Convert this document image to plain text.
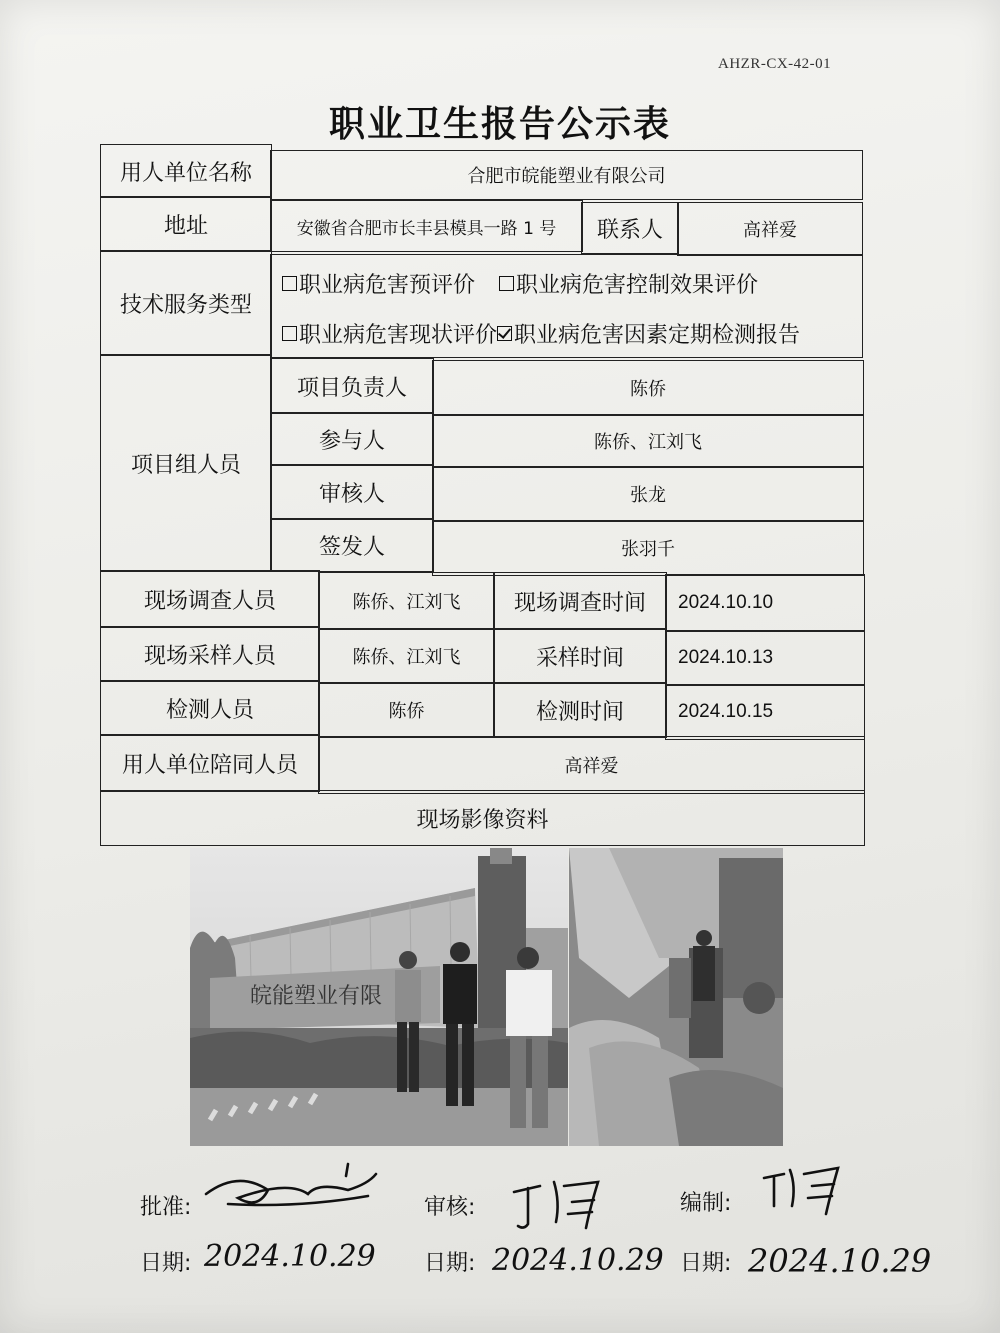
AHZR-CX-42-01
职业卫生报告公示表
用人单位名称	合肥市皖能塑业有限公司
地址	安徽省合肥市长丰县模具一路 1 号	联系人	高祥爱
技术服务类型
职业病危害预评价 职业病危害控制效果评价
职业病危害现状评价 职业病危害因素定期检测报告
项目组人员
项目负责人	陈侨
参与人	陈侨、江刘飞
审核人	张龙
签发人	张羽千
现场调查人员	陈侨、江刘飞	现场调查时间	2024.10.10
现场采样人员	陈侨、江刘飞	采样时间	2024.10.13
检测人员	陈侨	检测时间	2024.10.15
用人单位陪同人员	高祥爱
现场影像资料
皖能塑业有限
批准:	审核:	编制:
日期: 2024.10.29 日期: 2024.10.29 日期: 2024.10.29
